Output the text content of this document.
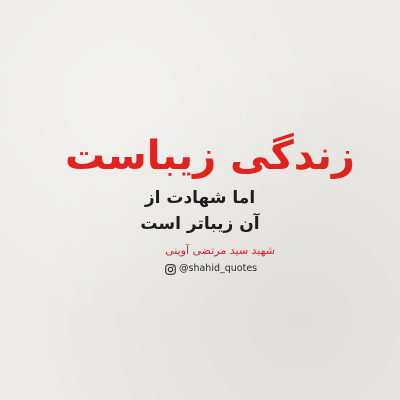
زندگی زیباست
اما شهادت از
آن زیباتر است
شهید سید مرتضی آوینی
@shahid_quotes
